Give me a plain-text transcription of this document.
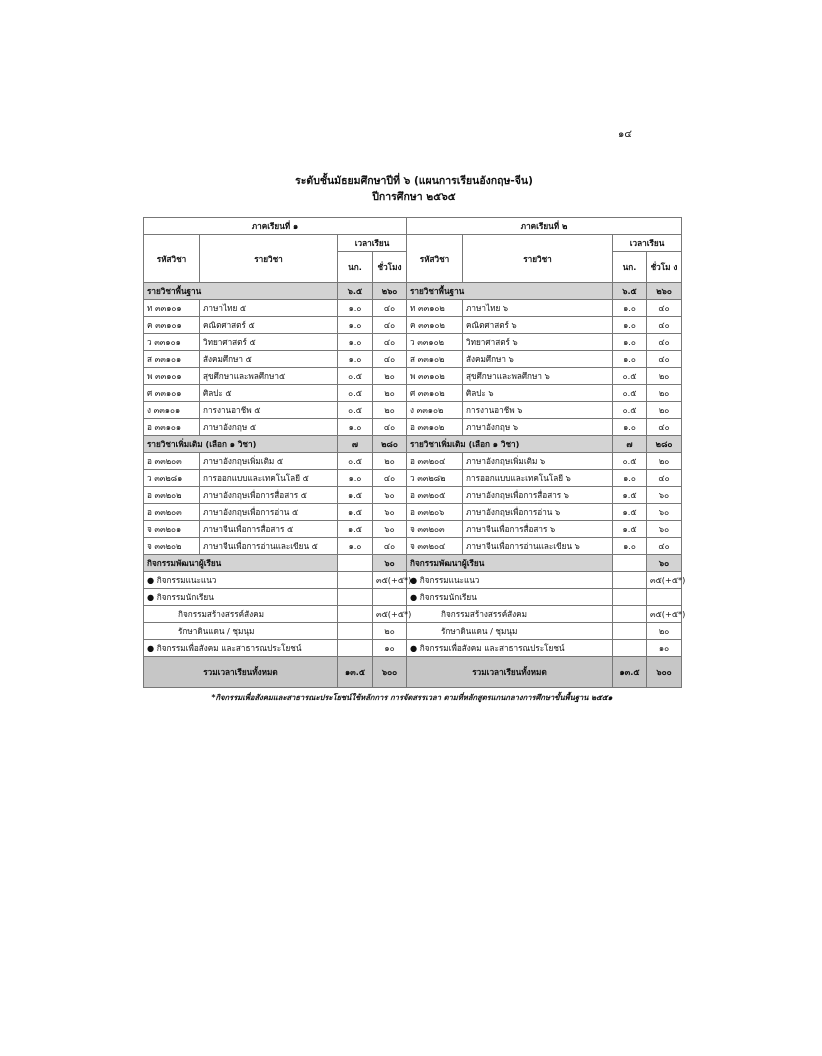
๑๔
ระดับชั้นมัธยมศึกษาปีที่ ๖ (แผนการเรียนอังกฤษ-จีน)
ปีการศึกษา ๒๕๖๕
ภาคเรียนที่ ๑				ภาคเรียนที่ ๒			
รหัสวิชา	รายวิชา	เวลาเรียน		รหัสวิชา	รายวิชา	เวลาเรียน	
		นก.	ชั่วโมง			นก.	ชั่วโม ง
รายวิชาพื้นฐาน		๖.๕	๒๖๐	รายวิชาพื้นฐาน		๖.๕	๒๖๐
ท ๓๓๑๐๑	ภาษาไทย ๕	๑.๐	๔๐	ท ๓๓๑๐๒	ภาษาไทย ๖	๑.๐	๔๐
ค ๓๓๑๐๑	คณิตศาสตร์ ๕	๑.๐	๔๐	ค ๓๓๑๐๒	คณิตศาสตร์ ๖	๑.๐	๔๐
ว ๓๓๑๐๑	วิทยาศาสตร์ ๕	๑.๐	๔๐	ว ๓๓๑๐๒	วิทยาศาสตร์ ๖	๑.๐	๔๐
ส ๓๓๑๐๑	สังคมศึกษา ๕	๑.๐	๔๐	ส ๓๓๑๐๒	สังคมศึกษา ๖	๑.๐	๔๐
พ ๓๓๑๐๑	สุขศึกษาและพลศึกษา๕	๐.๕	๒๐	พ ๓๓๑๐๒	สุขศึกษาและพลศึกษา ๖	๐.๕	๒๐
ศ ๓๓๑๐๑	ศิลปะ ๕	๐.๕	๒๐	ศ ๓๓๑๐๒	ศิลปะ ๖	๐.๕	๒๐
ง ๓๓๑๐๑	การงานอาชีพ ๕	๐.๕	๒๐	ง ๓๓๑๐๒	การงานอาชีพ ๖	๐.๕	๒๐
อ ๓๓๑๐๑	ภาษาอังกฤษ ๕	๑.๐	๔๐	อ ๓๓๑๐๒	ภาษาอังกฤษ ๖	๑.๐	๔๐
รายวิชาเพิ่มเติม (เลือก ๑ วิชา)		๗	๒๘๐	รายวิชาเพิ่มเติม (เลือก ๑ วิชา)		๗	๒๘๐
อ ๓๓๒๐๓	ภาษาอังกฤษเพิ่มเติม ๕	๐.๕	๒๐	อ ๓๓๒๐๔	ภาษาอังกฤษเพิ่มเติม ๖	๐.๕	๒๐
ว ๓๓๒๘๑	การออกแบบและเทคโนโลยี ๕	๑.๐	๔๐	ว ๓๓๒๘๒	การออกแบบและเทคโนโลยี ๖	๑.๐	๔๐
อ ๓๓๒๐๒	ภาษาอังกฤษเพื่อการสื่อสาร ๕	๑.๕	๖๐	อ ๓๓๒๐๕	ภาษาอังกฤษเพื่อการสื่อสาร ๖	๑.๕	๖๐
อ ๓๓๒๐๓	ภาษาอังกฤษเพื่อการอ่าน ๕	๑.๕	๖๐	อ ๓๓๒๐๖	ภาษาอังกฤษเพื่อการอ่าน ๖	๑.๕	๖๐
จ ๓๓๒๐๑	ภาษาจีนเพื่อการสื่อสาร ๕	๑.๕	๖๐	จ ๓๓๒๐๓	ภาษาจีนเพื่อการสื่อสาร ๖	๑.๕	๖๐
จ ๓๓๒๐๒	ภาษาจีนเพื่อการอ่านและเขียน ๕	๑.๐	๔๐	จ ๓๓๒๐๔	ภาษาจีนเพื่อการอ่านและเขียน ๖	๑.๐	๔๐
กิจกรรมพัฒนาผู้เรียน			๖๐	กิจกรรมพัฒนาผู้เรียน			๖๐
● กิจกรรมแนะแนว			๓๕(+๕*)	● กิจกรรมแนะแนว			๓๕(+๕*)
● กิจกรรมนักเรียน				● กิจกรรมนักเรียน			
กิจกรรมสร้างสรรค์สังคม			๓๕(+๕*)	กิจกรรมสร้างสรรค์สังคม			๓๕(+๕*)
รักษาดินแดน / ชุมนุม			๒๐	รักษาดินแดน / ชุมนุม			๒๐
● กิจกรรมเพื่อสังคม และสาธารณประโยชน์			๑๐	● กิจกรรมเพื่อสังคม และสาธารณประโยชน์			๑๐
รวมเวลาเรียนทั้งหมด		๑๓.๕	๖๐๐	รวมเวลาเรียนทั้งหมด		๑๓.๕	๖๐๐
*กิจกรรมเพื่อสังคมและสาธารณะประโยชน์ใช้หลักการ การจัดสรรเวลา ตามที่หลักสูตรแกนกลางการศึกษาขั้นพื้นฐาน ๒๕๕๑
